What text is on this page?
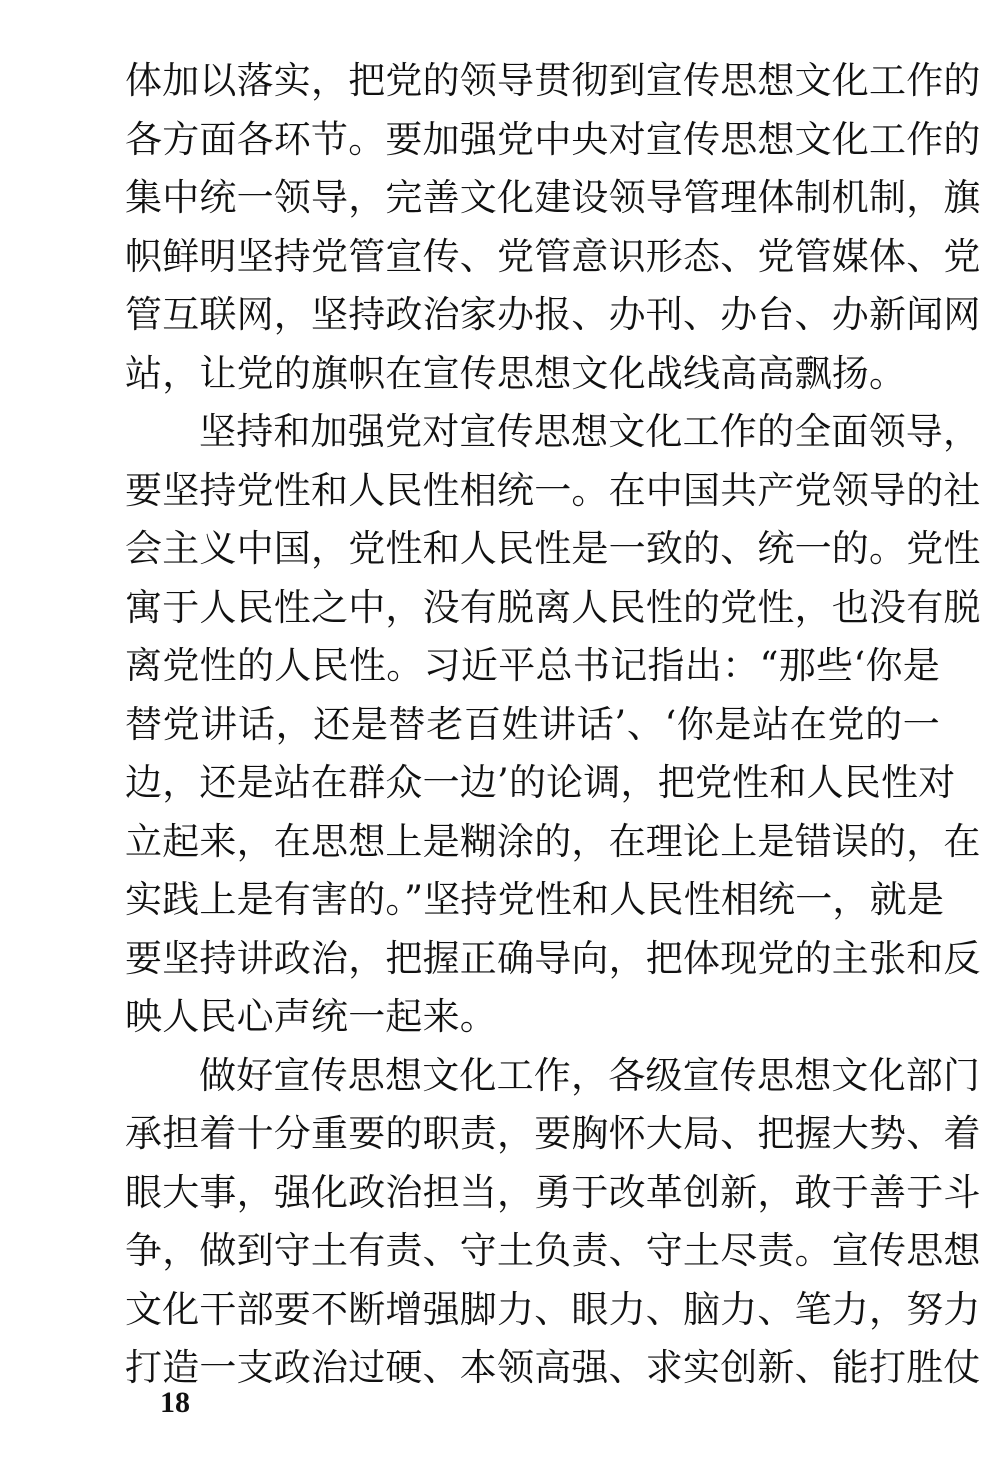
体加以落实，把党的领导贯彻到宣传思想文化工作的
各方面各环节。要加强党中央对宣传思想文化工作的
集中统一领导，完善文化建设领导管理体制机制，旗
帜鲜明坚持党管宣传、党管意识形态、党管媒体、党
管互联网，坚持政治家办报、办刊、办台、办新闻网
站，让党的旗帜在宣传思想文化战线高高飘扬。
坚持和加强党对宣传思想文化工作的全面领导，
要坚持党性和人民性相统一。在中国共产党领导的社
会主义中国，党性和人民性是一致的、统一的。党性
寓于人民性之中，没有脱离人民性的党性，也没有脱
离党性的人民性。习近平总书记指出：“那些‘你是
替党讲话，还是替老百姓讲话’、‘你是站在党的一
边，还是站在群众一边’的论调，把党性和人民性对
立起来，在思想上是糊涂的，在理论上是错误的，在
实践上是有害的。”坚持党性和人民性相统一，就是
要坚持讲政治，把握正确导向，把体现党的主张和反
映人民心声统一起来。
做好宣传思想文化工作，各级宣传思想文化部门
承担着十分重要的职责，要胸怀大局、把握大势、着
眼大事，强化政治担当，勇于改革创新，敢于善于斗
争，做到守土有责、守土负责、守土尽责。宣传思想
文化干部要不断增强脚力、眼力、脑力、笔力，努力
打造一支政治过硬、本领高强、求实创新、能打胜仗
18
